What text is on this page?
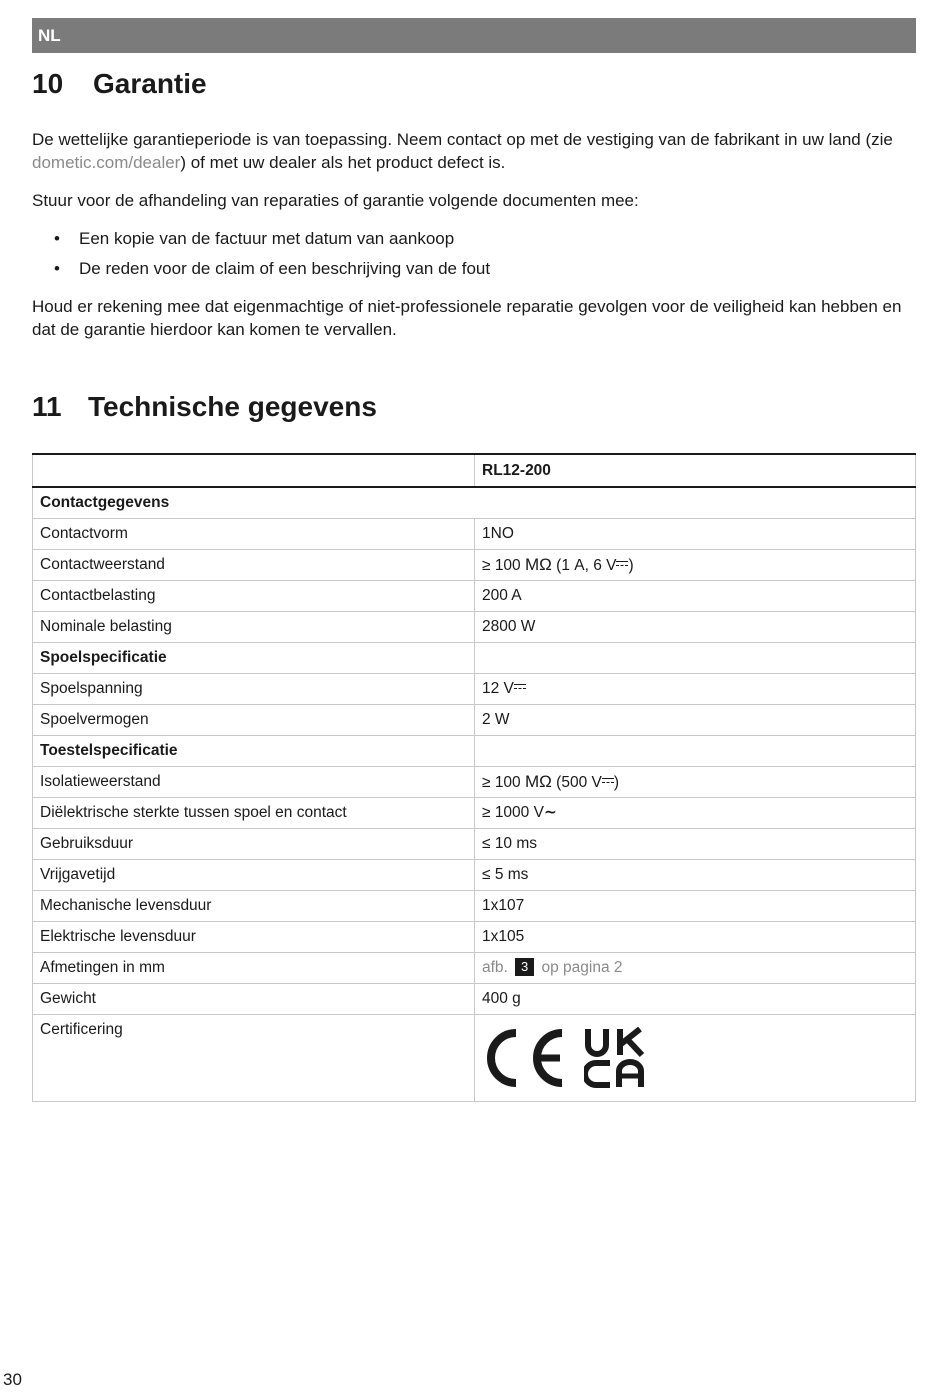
NL
10 Garantie

De wettelijke garantieperiode is van toepassing. Neem contact op met de vestiging van de fabrikant in uw land (zie dometic.com/dealer) of met uw dealer als het product defect is.

Stuur voor de afhandeling van reparaties of garantie volgende documenten mee:

• Een kopie van de factuur met datum van aankoop
• De reden voor de claim of een beschrijving van de fout

Houd er rekening mee dat eigenmachtige of niet-professionele reparatie gevolgen voor de veiligheid kan hebben en dat de garantie hierdoor kan komen te vervallen.

11 Technische gegevens
	RL12-200
Contactgegevens	
Contactvorm	1NO
Contactweerstand	≥ 100 MΩ (1 A, 6 V )
Contactbelasting	200 A
Nominale belasting	2800 W
Spoelspecificatie	
Spoelspanning	12 V
Spoelvermogen	2 W
Toestelspecificatie	
Isolatieweerstand	≥ 100 MΩ (500 V )
Diëlektrische sterkte tussen spoel en contact	≥ 1000 V∼
Gebruiksduur	≤ 10 ms
Vrijgavetijd	≤ 5 ms
Mechanische levensduur	1x107
Elektrische levensduur	1x105
Afmetingen in mm	afb. 3 op pagina 2
Gewicht	400 g
Certificering	
30
